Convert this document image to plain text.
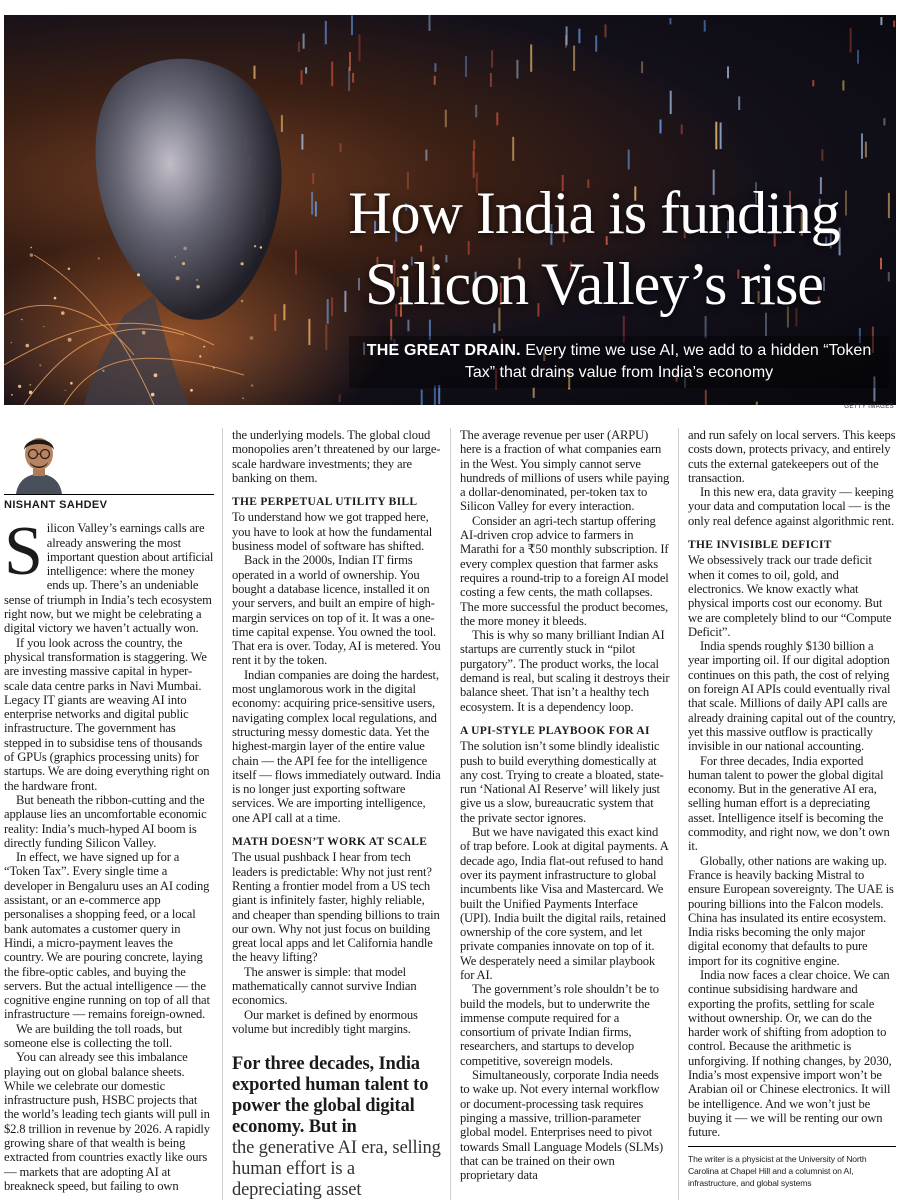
How India is funding
Silicon Valley’s rise
THE GREAT DRAIN. Every time we use AI, we add to a hidden “Token Tax” that drains value from India’s economy
GETTY IMAGES
NISHANT SAHDEV
S ilicon Valley’s earnings calls are already answering the most important question about artificial intelligence: where the money ends up. There’s an undeniable sense of triumph in India’s tech ecosystem right now, but we might be celebrating a digital victory we haven’t actually won.

If you look across the country, the physical transformation is staggering. We are investing massive capital in hyper-scale data centre parks in Navi Mumbai. Legacy IT giants are weaving AI into enterprise networks and digital public infrastructure. The government has stepped in to subsidise tens of thousands of GPUs (graphics processing units) for startups. We are doing everything right on the hardware front.

But beneath the ribbon-cutting and the applause lies an uncomfortable economic reality: India’s much-hyped AI boom is directly funding Silicon Valley.

In effect, we have signed up for a “Token Tax”. Every single time a developer in Bengaluru uses an AI coding assistant, or an e-commerce app personalises a shopping feed, or a local bank automates a customer query in Hindi, a micro-payment leaves the country. We are pouring concrete, laying the fibre-optic cables, and buying the servers. But the actual intelligence — the cognitive engine running on top of all that infrastructure — remains foreign-owned.

We are building the toll roads, but someone else is collecting the toll.

You can already see this imbalance playing out on global balance sheets. While we celebrate our domestic infrastructure push, HSBC projects that the world’s leading tech giants will pull in $2.8 trillion in revenue by 2026. A rapidly growing share of that wealth is being extracted from countries exactly like ours — markets that are adopting AI at breakneck speed, but failing to own

the underlying models. The global cloud monopolies aren’t threatened by our large-scale hardware investments; they are banking on them.

THE PERPETUAL UTILITY BILL

To understand how we got trapped here, you have to look at how the fundamental business model of software has shifted.

Back in the 2000s, Indian IT firms operated in a world of ownership. You bought a database licence, installed it on your servers, and built an empire of high-margin services on top of it. It was a one-time capital expense. You owned the tool. That era is over. Today, AI is metered. You rent it by the token.

Indian companies are doing the hardest, most unglamorous work in the digital economy: acquiring price-sensitive users, navigating complex local regulations, and structuring messy domestic data. Yet the highest-margin layer of the entire value chain — the API fee for the intelligence itself — flows immediately outward. India is no longer just exporting software services. We are importing intelligence, one API call at a time.

MATH DOESN’T WORK AT SCALE

The usual pushback I hear from tech leaders is predictable: Why not just rent? Renting a frontier model from a US tech giant is infinitely faster, highly reliable, and cheaper than spending billions to train our own. Why not just focus on building great local apps and let California handle the heavy lifting?

The answer is simple: that model mathematically cannot survive Indian economics.

Our market is defined by enormous volume but incredibly tight margins.

For three decades, India exported human talent to power the global digital economy. But in
the generative AI era, selling human effort is a depreciating asset

The average revenue per user (ARPU) here is a fraction of what companies earn in the West. You simply cannot serve hundreds of millions of users while paying a dollar-denominated, per-token tax to Silicon Valley for every interaction.

Consider an agri-tech startup offering AI-driven crop advice to farmers in Marathi for a ₹50 monthly subscription. If every complex question that farmer asks requires a round-trip to a foreign AI model costing a few cents, the math collapses. The more successful the product becomes, the more money it bleeds.

This is why so many brilliant Indian AI startups are currently stuck in “pilot purgatory”. The product works, the local demand is real, but scaling it destroys their balance sheet. That isn’t a healthy tech ecosystem. It is a dependency loop.

A UPI-STYLE PLAYBOOK FOR AI

The solution isn’t some blindly idealistic push to build everything domestically at any cost. Trying to create a bloated, state-run ‘National AI Reserve’ will likely just give us a slow, bureaucratic system that the private sector ignores.

But we have navigated this exact kind of trap before. Look at digital payments. A decade ago, India flat-out refused to hand over its payment infrastructure to global incumbents like Visa and Mastercard. We built the Unified Payments Interface (UPI). India built the digital rails, retained ownership of the core system, and let private companies innovate on top of it. We desperately need a similar playbook for AI.

The government’s role shouldn’t be to build the models, but to underwrite the immense compute required for a consortium of private Indian firms, researchers, and startups to develop competitive, sovereign models.

Simultaneously, corporate India needs to wake up. Not every internal workflow or document-processing task requires pinging a massive, trillion-parameter global model. Enterprises need to pivot towards Small Language Models (SLMs) that can be trained on their own proprietary data

and run safely on local servers. This keeps costs down, protects privacy, and entirely cuts the external gatekeepers out of the transaction.

In this new era, data gravity — keeping your data and computation local — is the only real defence against algorithmic rent.

THE INVISIBLE DEFICIT

We obsessively track our trade deficit when it comes to oil, gold, and electronics. We know exactly what physical imports cost our economy. But we are completely blind to our “Compute Deficit”.

India spends roughly $130 billion a year importing oil. If our digital adoption continues on this path, the cost of relying on foreign AI APIs could eventually rival that scale. Millions of daily API calls are already draining capital out of the country, yet this massive outflow is practically invisible in our national accounting.

For three decades, India exported human talent to power the global digital economy. But in the generative AI era, selling human effort is a depreciating asset. Intelligence itself is becoming the commodity, and right now, we don’t own it.

Globally, other nations are waking up. France is heavily backing Mistral to ensure European sovereignty. The UAE is pouring billions into the Falcon models. China has insulated its entire ecosystem. India risks becoming the only major digital economy that defaults to pure import for its cognitive engine.

India now faces a clear choice. We can continue subsidising hardware and exporting the profits, settling for scale without ownership. Or, we can do the harder work of shifting from adoption to control. Because the arithmetic is unforgiving. If nothing changes, by 2030, India’s most expensive import won’t be Arabian oil or Chinese electronics. It will be intelligence. And we won’t just be buying it — we will be renting our own future.

The writer is a physicist at the University of North Carolina at Chapel Hill and a columnist on AI, infrastructure, and global systems
